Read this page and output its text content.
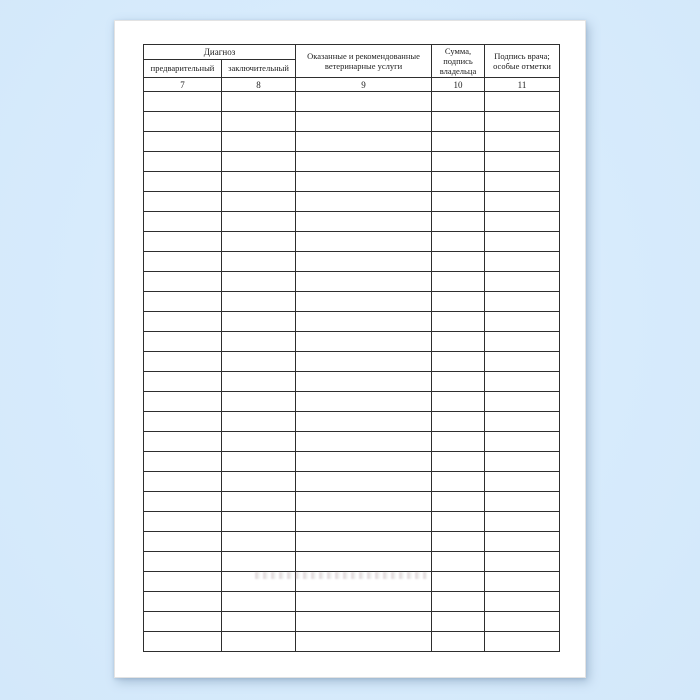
Диагноз		Оказанные и рекомендованные ветеринарные услуги	Сумма, подпись владельца	Подпись врача; особые отметки
предварительный	заключительный			
7	8	9	10	11
